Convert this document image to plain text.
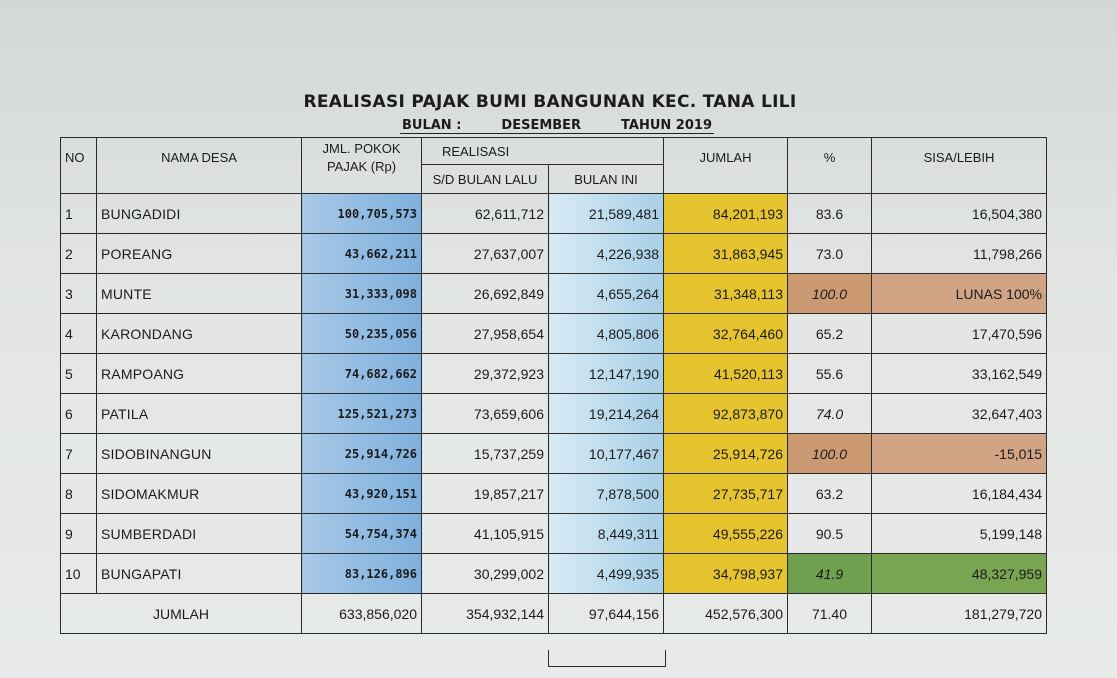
REALISASI PAJAK BUMI BANGUNAN KEC. TANA LILI
BULAN :	DESEMBER	TAHUN 2019
NO	NAMA DESA	JML. POKOK PAJAK (Rp)	REALISASI		JUMLAH	%	SISA/LEBIH
			S/D BULAN LALU	BULAN INI			
1	BUNGADIDI	100,705,573	62,611,712	21,589,481	84,201,193	83.6	16,504,380
2	POREANG	43,662,211	27,637,007	4,226,938	31,863,945	73.0	11,798,266
3	MUNTE	31,333,098	26,692,849	4,655,264	31,348,113	100.0	LUNAS 100%
4	KARONDANG	50,235,056	27,958,654	4,805,806	32,764,460	65.2	17,470,596
5	RAMPOANG	74,682,662	29,372,923	12,147,190	41,520,113	55.6	33,162,549
6	PATILA	125,521,273	73,659,606	19,214,264	92,873,870	74.0	32,647,403
7	SIDOBINANGUN	25,914,726	15,737,259	10,177,467	25,914,726	100.0	-15,015
8	SIDOMAKMUR	43,920,151	19,857,217	7,878,500	27,735,717	63.2	16,184,434
9	SUMBERDADI	54,754,374	41,105,915	8,449,311	49,555,226	90.5	5,199,148
10	BUNGAPATI	83,126,896	30,299,002	4,499,935	34,798,937	41.9	48,327,959
JUMLAH		633,856,020	354,932,144	97,644,156	452,576,300	71.40	181,279,720
